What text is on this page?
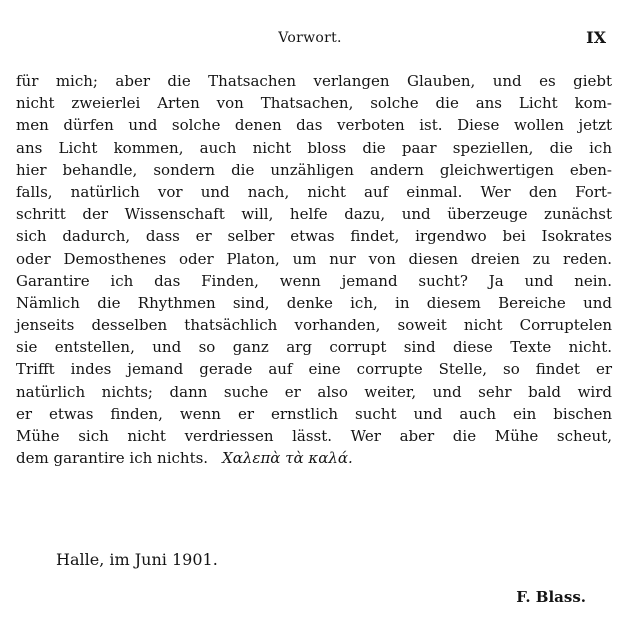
Vorwort.	IX
für mich; aber die Thatsachen verlangen Glauben, und es giebt
nicht zweierlei Arten von Thatsachen, solche die ans Licht kom-
men dürfen und solche denen das verboten ist. Diese wollen jetzt
ans Licht kommen, auch nicht bloss die paar speziellen, die ich
hier behandle, sondern die unzähligen andern gleichwertigen eben-
falls, natürlich vor und nach, nicht auf einmal. Wer den Fort-
schritt der Wissenschaft will, helfe dazu, und überzeuge zunächst
sich dadurch, dass er selber etwas findet, irgendwo bei Isokrates
oder Demosthenes oder Platon, um nur von diesen dreien zu reden.
Garantire ich das Finden, wenn jemand sucht? Ja und nein.
Nämlich die Rhythmen sind, denke ich, in diesem Bereiche und
jenseits desselben thatsächlich vorhanden, soweit nicht Corruptelen
sie entstellen, und so ganz arg corrupt sind diese Texte nicht.
Trifft indes jemand gerade auf eine corrupte Stelle, so findet er
natürlich nichts; dann suche er also weiter, und sehr bald wird
er etwas finden, wenn er ernstlich sucht und auch ein bischen
Mühe sich nicht verdriessen lässt. Wer aber die Mühe scheut,
dem garantire ich nichts. Χαλεπὰ τὰ καλά.
Halle, im Juni 1901.
F. Blass.
